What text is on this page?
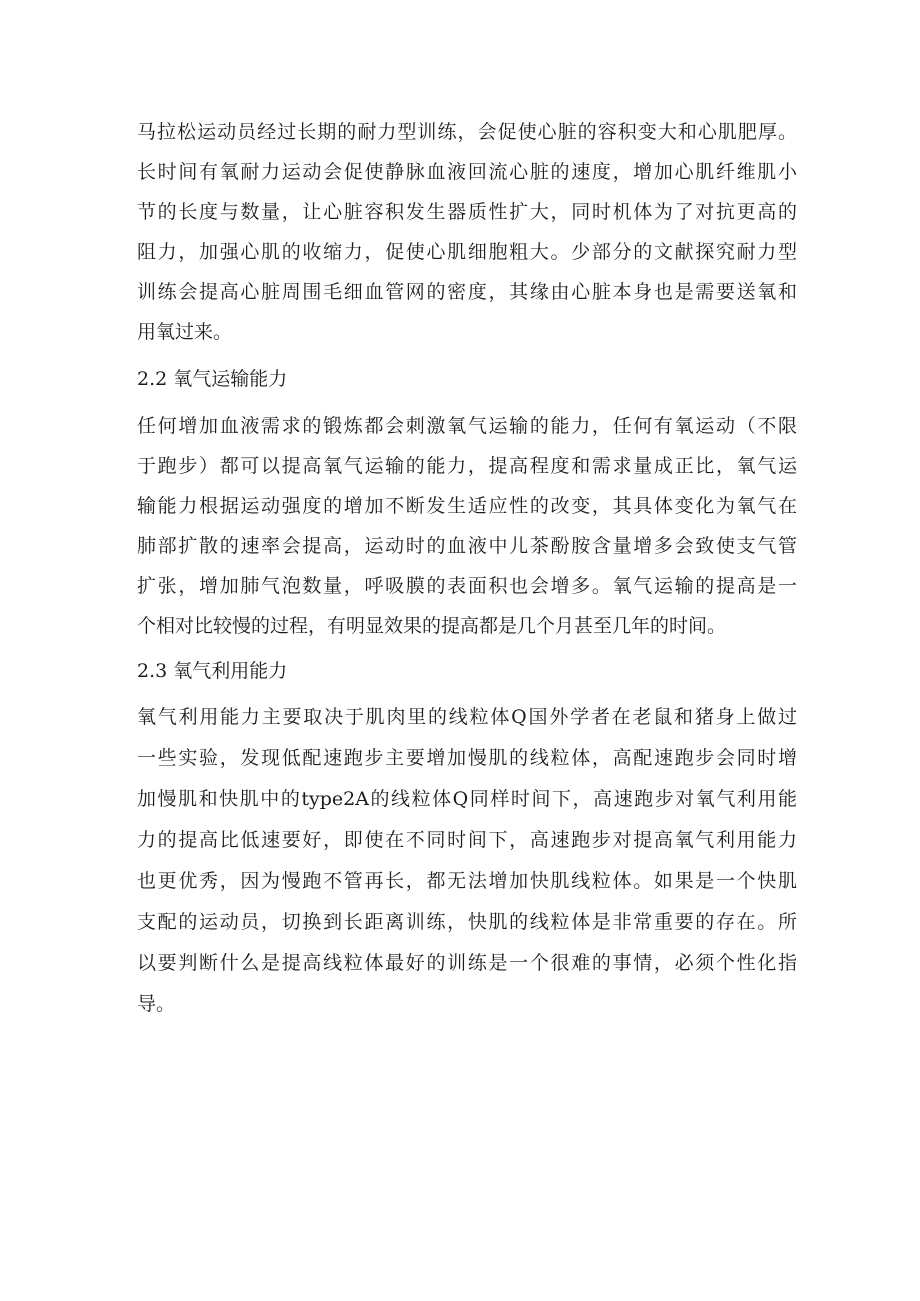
马拉松运动员经过长期的耐力型训练，会促使心脏的容积变大和心肌肥厚。
长时间有氧耐力运动会促使静脉血液回流心脏的速度，增加心肌纤维肌小
节的长度与数量，让心脏容积发生器质性扩大，同时机体为了对抗更高的
阻力，加强心肌的收缩力，促使心肌细胞粗大。少部分的文献探究耐力型
训练会提高心脏周围毛细血管网的密度，其缘由心脏本身也是需要送氧和
用氧过来。
2.2 氧气运输能力
任何增加血液需求的锻炼都会刺激氧气运输的能力，任何有氧运动（不限
于跑步）都可以提高氧气运输的能力，提高程度和需求量成正比，氧气运
输能力根据运动强度的增加不断发生适应性的改变，其具体变化为氧气在
肺部扩散的速率会提高，运动时的血液中儿茶酚胺含量增多会致使支气管
扩张，增加肺气泡数量，呼吸膜的表面积也会增多。氧气运输的提高是一
个相对比较慢的过程，有明显效果的提高都是几个月甚至几年的时间。
2.3 氧气利用能力
氧气利用能力主要取决于肌肉里的线粒体Q国外学者在老鼠和猪身上做过
一些实验，发现低配速跑步主要增加慢肌的线粒体，高配速跑步会同时增
加慢肌和快肌中的type2A的线粒体Q同样时间下，高速跑步对氧气利用能
力的提高比低速要好，即使在不同时间下，高速跑步对提高氧气利用能力
也更优秀，因为慢跑不管再长，都无法增加快肌线粒体。如果是一个快肌
支配的运动员，切换到长距离训练，快肌的线粒体是非常重要的存在。所
以要判断什么是提高线粒体最好的训练是一个很难的事情，必须个性化指
导。
